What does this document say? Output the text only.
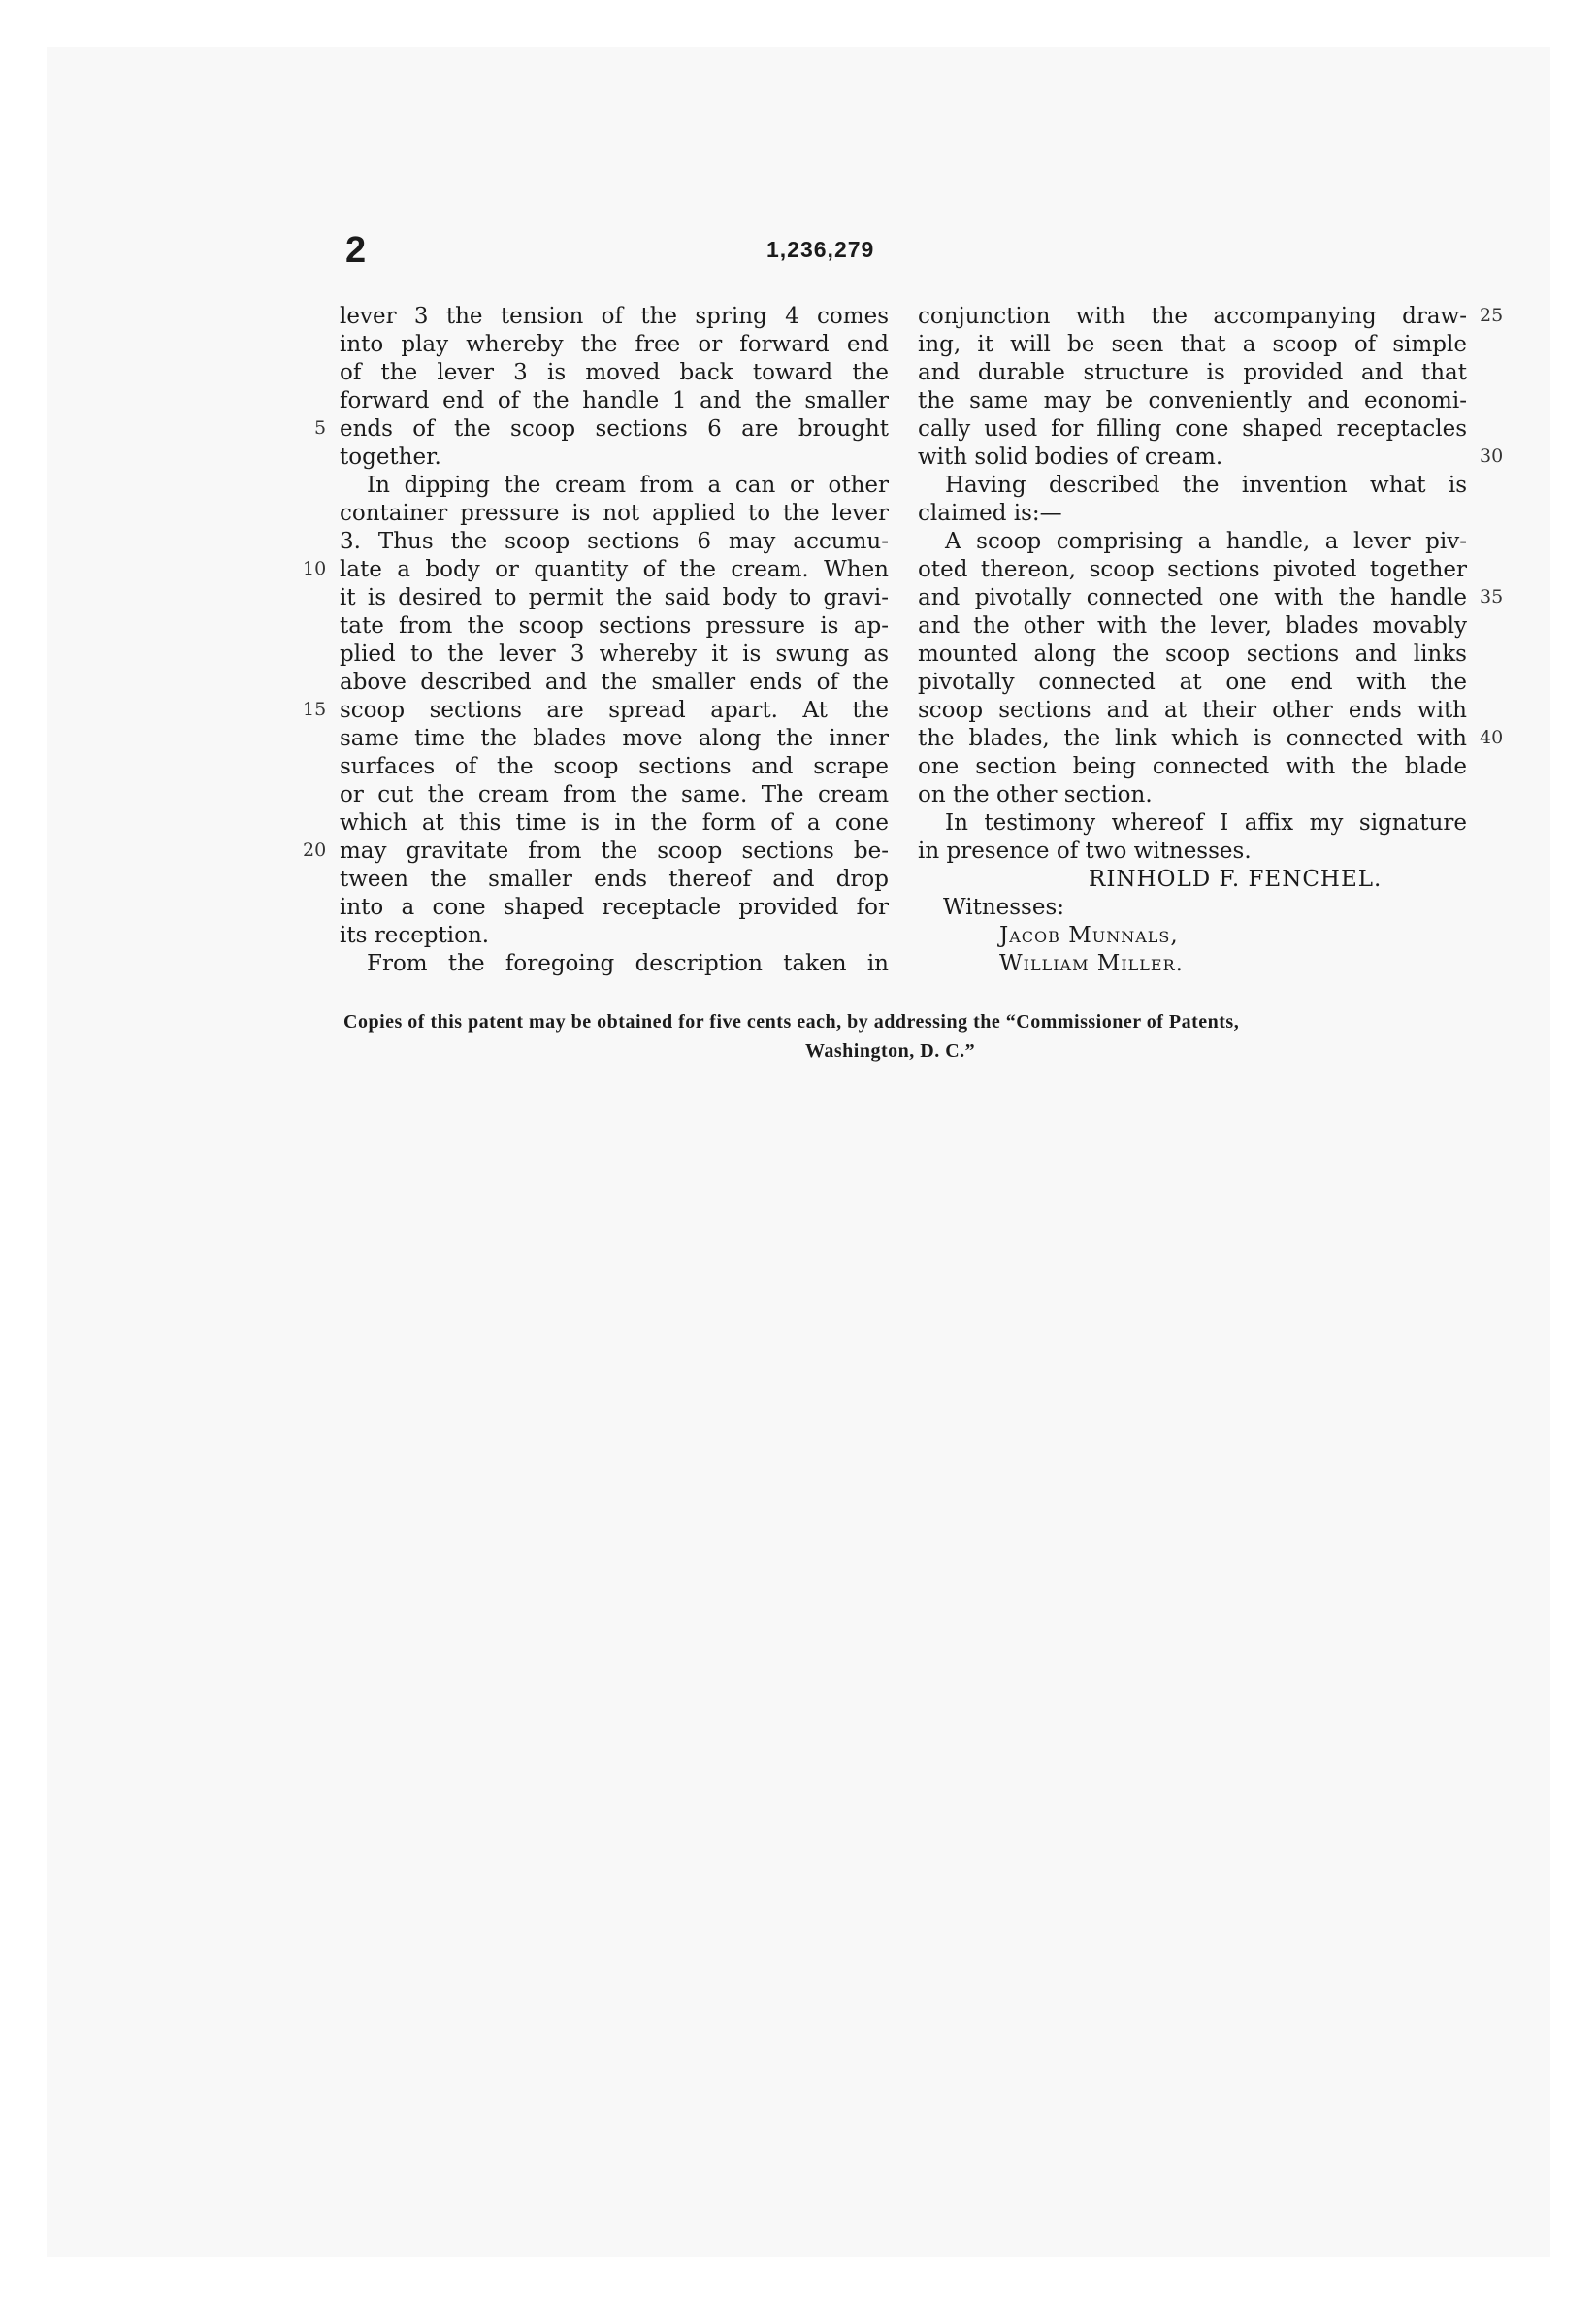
2	1,236,279
lever 3 the tension of the spring 4 comes
into play whereby the free or forward end
of the lever 3 is moved back toward the
forward end of the handle 1 and the smaller
ends of the scoop sections 6 are brought
together.
In dipping the cream from a can or other
container pressure is not applied to the lever
3. Thus the scoop sections 6 may accumu-
late a body or quantity of the cream. When
it is desired to permit the said body to gravi-
tate from the scoop sections pressure is ap-
plied to the lever 3 whereby it is swung as
above described and the smaller ends of the
scoop sections are spread apart. At the
same time the blades move along the inner
surfaces of the scoop sections and scrape
or cut the cream from the same. The cream
which at this time is in the form of a cone
may gravitate from the scoop sections be-
tween the smaller ends thereof and drop
into a cone shaped receptacle provided for
its reception.
From the foregoing description taken in
conjunction with the accompanying draw-
ing, it will be seen that a scoop of simple
and durable structure is provided and that
the same may be conveniently and economi-
cally used for filling cone shaped receptacles
with solid bodies of cream.
Having described the invention what is
claimed is:—
A scoop comprising a handle, a lever piv-
oted thereon, scoop sections pivoted together
and pivotally connected one with the handle
and the other with the lever, blades movably
mounted along the scoop sections and links
pivotally connected at one end with the
scoop sections and at their other ends with
the blades, the link which is connected with
one section being connected with the blade
on the other section.
In testimony whereof I affix my signature
in presence of two witnesses.
RINHOLD F. FENCHEL.
Witnesses:
Jacob Munnals,
William Miller.
5
10
15
20
25
30
35
40
Copies of this patent may be obtained for five cents each, by addressing the “Commissioner of Patents,
Washington, D. C.”
